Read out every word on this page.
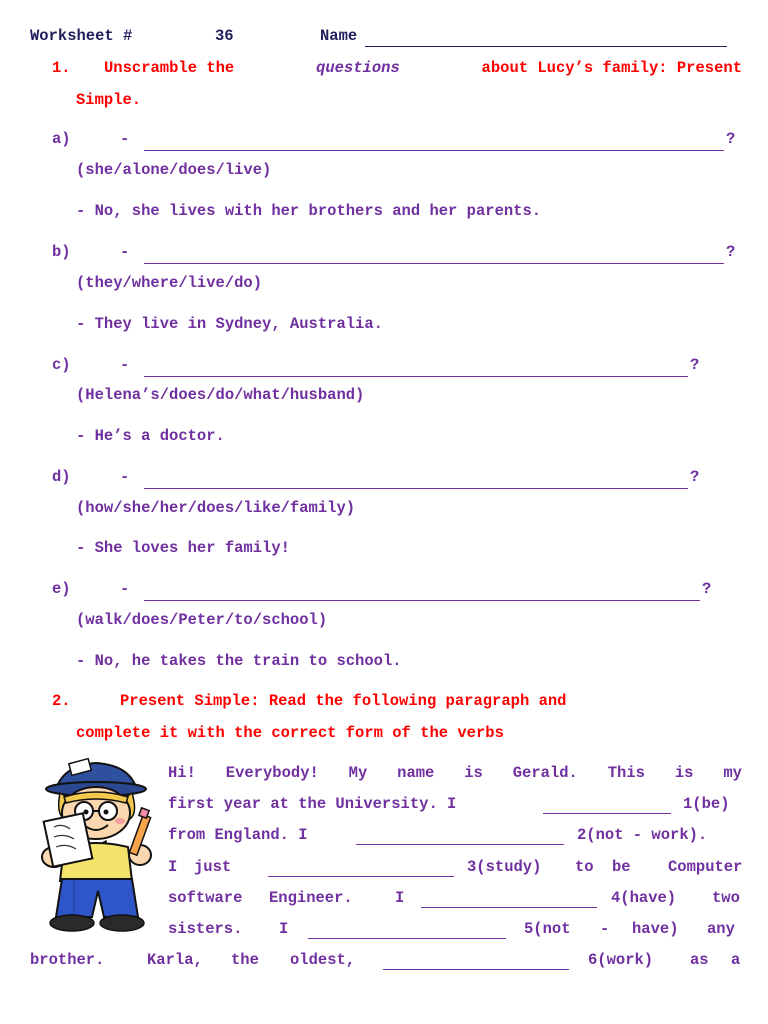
Worksheet #	36	Name
1. Unscramble the	questions	about Lucy’s family: Present
Simple.
a)	-	?
(she/alone/does/live)
- No, she lives with her brothers and her parents.
b)	-	?
(they/where/live/do)
- They live in Sydney, Australia.
c)	-	?
(Helena’s/does/do/what/husband)
- He’s a doctor.
d)	-	?
(how/she/her/does/like/family)
- She loves her family!
e)	-	?
(walk/does/Peter/to/school)
- No, he takes the train to school.
2.	Present Simple: Read the following paragraph and
complete it with the correct form of the verbs
Hi! Everybody! My name is Gerald. This is my
first year at the University. I	1(be)
from England. I	2(not - work).
I just	3(study) to be Computer
software Engineer.	I	4(have) two
sisters. I	5(not - have) any
brother.	Karla, the oldest,	6(work) as a
